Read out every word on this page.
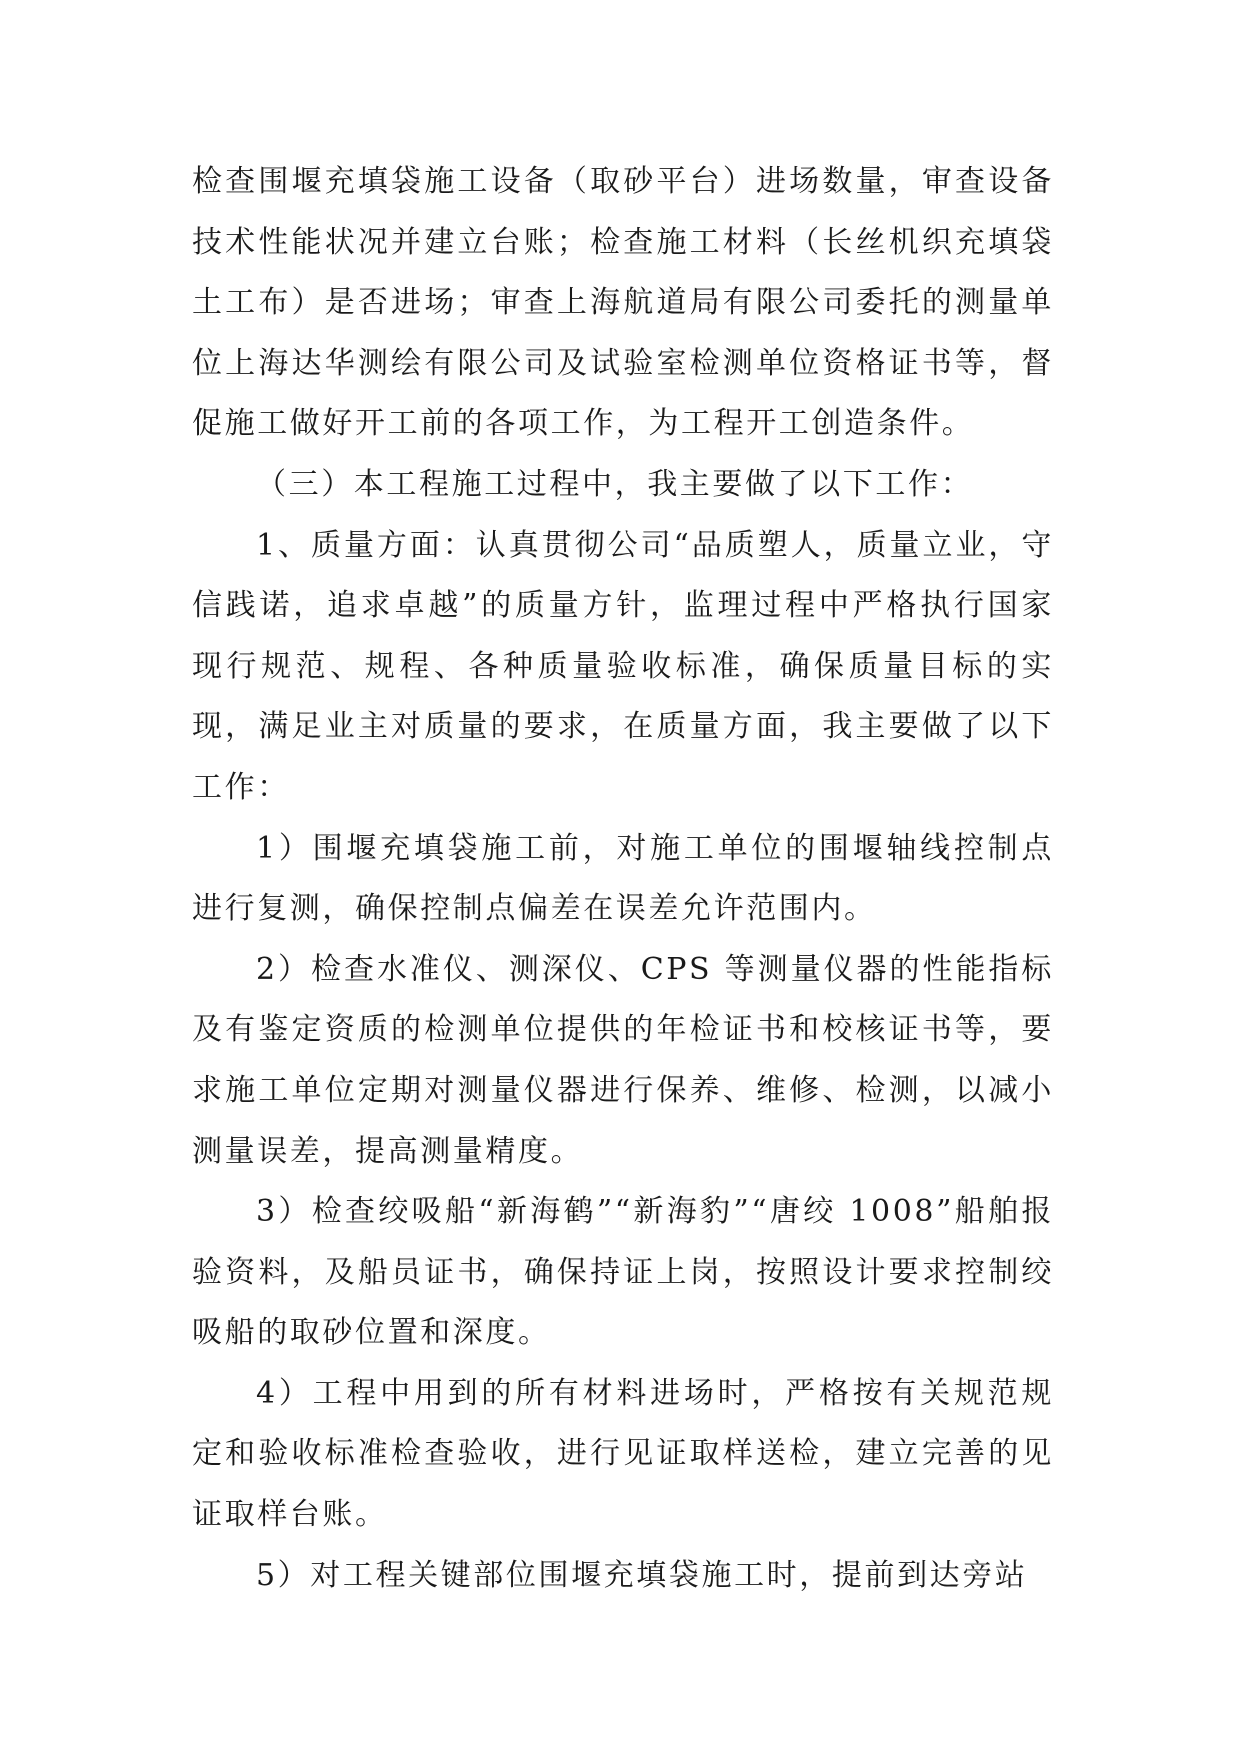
检查围堰充填袋施工设备（取砂平台）进场数量，审查设备技术性能状况并建立台账；检查施工材料（长丝机织充填袋土工布）是否进场；审查上海航道局有限公司委托的测量单位上海达华测绘有限公司及试验室检测单位资格证书等，督促施工做好开工前的各项工作，为工程开工创造条件。

（三）本工程施工过程中，我主要做了以下工作：

1、质量方面：认真贯彻公司“品质塑人，质量立业，守信践诺，追求卓越”的质量方针，监理过程中严格执行国家现行规范、规程、各种质量验收标准，确保质量目标的实现，满足业主对质量的要求，在质量方面，我主要做了以下工作：

1）围堰充填袋施工前，对施工单位的围堰轴线控制点进行复测，确保控制点偏差在误差允许范围内。

2）检查水准仪、测深仪、CPS 等测量仪器的性能指标及有鉴定资质的检测单位提供的年检证书和校核证书等，要求施工单位定期对测量仪器进行保养、维修、检测，以减小测量误差，提高测量精度。

3）检查绞吸船“新海鹤”“新海豹”“唐绞 1008”船舶报验资料，及船员证书，确保持证上岗，按照设计要求控制绞吸船的取砂位置和深度。

4）工程中用到的所有材料进场时，严格按有关规范规定和验收标准检查验收，进行见证取样送检，建立完善的见证取样台账。

5）对工程关键部位围堰充填袋施工时，提前到达旁站
